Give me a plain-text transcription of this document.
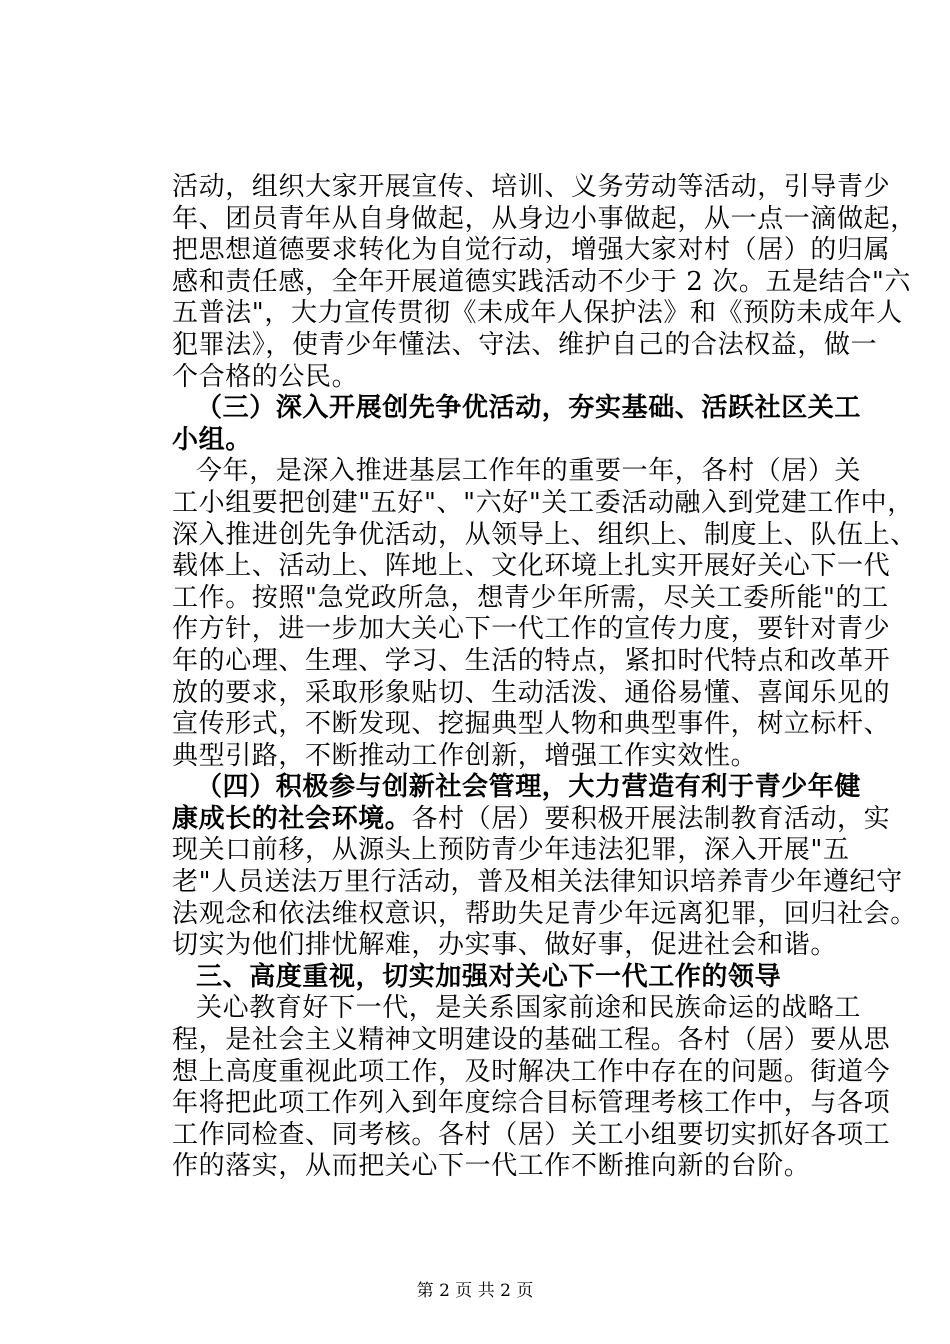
活动，组织大家开展宣传、培训、义务劳动等活动，引导青少
年、团员青年从自身做起，从身边小事做起，从一点一滴做起，
把思想道德要求转化为自觉行动，增强大家对村（居）的归属
感和责任感，全年开展道德实践活动不少于 2 次。五是结合"六
五普法"，大力宣传贯彻《未成年人保护法》和《预防未成年人
犯罪法》，使青少年懂法、守法、维护自己的合法权益，做一
个合格的公民。
（三）深入开展创先争优活动，夯实基础、活跃社区关工
小组。
今年，是深入推进基层工作年的重要一年，各村（居）关
工小组要把创建"五好"、"六好"关工委活动融入到党建工作中，
深入推进创先争优活动，从领导上、组织上、制度上、队伍上、
载体上、活动上、阵地上、文化环境上扎实开展好关心下一代
工作。按照"急党政所急，想青少年所需，尽关工委所能"的工
作方针，进一步加大关心下一代工作的宣传力度，要针对青少
年的心理、生理、学习、生活的特点，紧扣时代特点和改革开
放的要求，采取形象贴切、生动活泼、通俗易懂、喜闻乐见的
宣传形式，不断发现、挖掘典型人物和典型事件，树立标杆、
典型引路，不断推动工作创新，增强工作实效性。
（四）积极参与创新社会管理，大力营造有利于青少年健
康成长的社会环境。各村（居）要积极开展法制教育活动，实
现关口前移，从源头上预防青少年违法犯罪，深入开展"五
老"人员送法万里行活动，普及相关法律知识培养青少年遵纪守
法观念和依法维权意识，帮助失足青少年远离犯罪，回归社会。
切实为他们排忧解难，办实事、做好事，促进社会和谐。
三、高度重视，切实加强对关心下一代工作的领导
关心教育好下一代，是关系国家前途和民族命运的战略工
程，是社会主义精神文明建设的基础工程。各村（居）要从思
想上高度重视此项工作，及时解决工作中存在的问题。街道今
年将把此项工作列入到年度综合目标管理考核工作中，与各项
工作同检查、同考核。各村（居）关工小组要切实抓好各项工
作的落实，从而把关心下一代工作不断推向新的台阶。
第 2 页 共 2 页
